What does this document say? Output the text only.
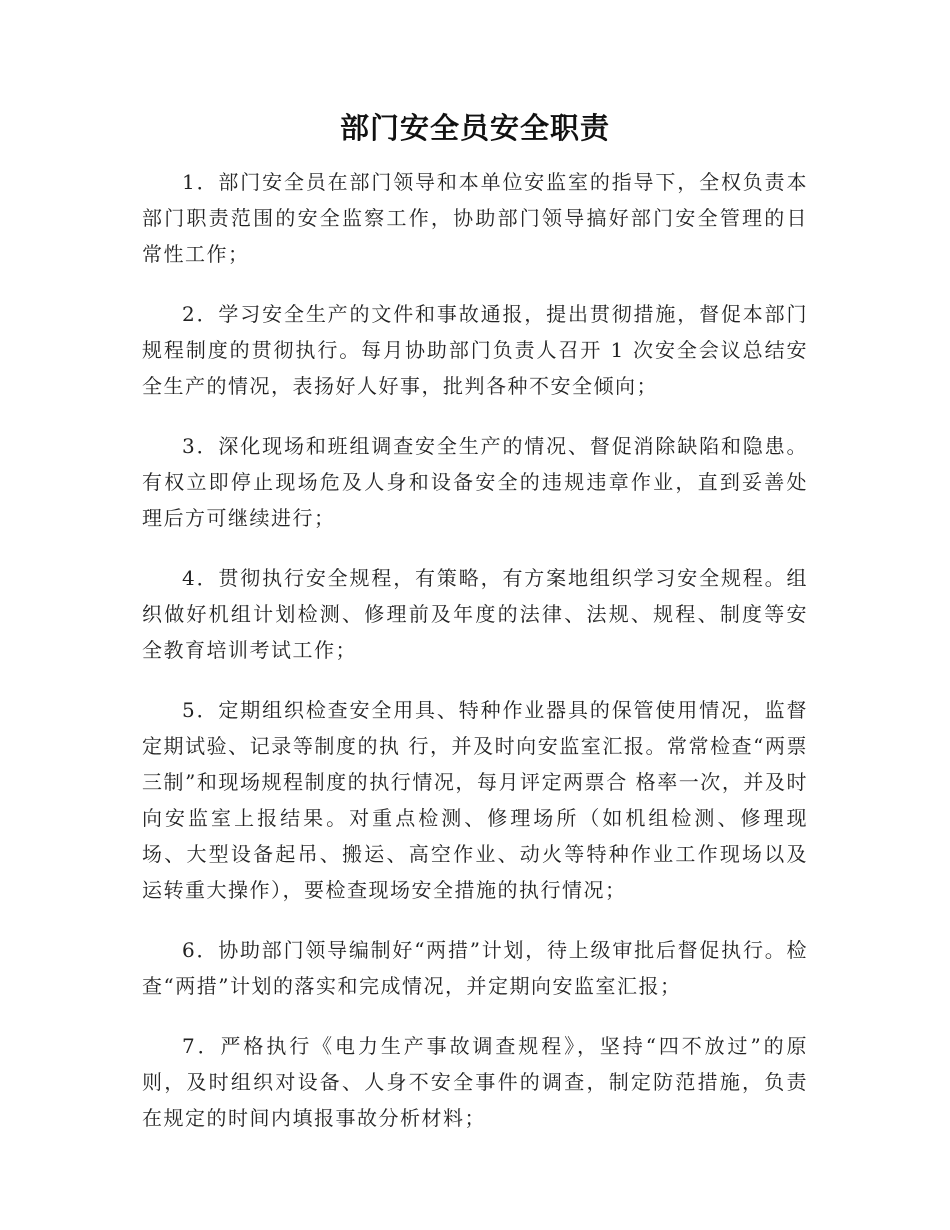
部门安全员安全职责

1．部门安全员在部门领导和本单位安监室的指导下，全权负责本部门职责范围的安全监察工作，协助部门领导搞好部门安全管理的日常性工作；

2．学习安全生产的文件和事故通报，提出贯彻措施，督促本部门规程制度的贯彻执行。每月协助部门负责人召开 1 次安全会议总结安全生产的情况，表扬好人好事，批判各种不安全倾向；

3．深化现场和班组调查安全生产的情况、督促消除缺陷和隐患。有权立即停止现场危及人身和设备安全的违规违章作业，直到妥善处理后方可继续进行；

4．贯彻执行安全规程，有策略，有方案地组织学习安全规程。组织做好机组计划检测、修理前及年度的法律、法规、规程、制度等安全教育培训考试工作；

5．定期组织检查安全用具、特种作业器具的保管使用情况，监督定期试验、记录等制度的执 行，并及时向安监室汇报。常常检查“两票三制”和现场规程制度的执行情况，每月评定两票合 格率一次，并及时向安监室上报结果。对重点检测、修理场所（如机组检测、修理现场、大型设备起吊、搬运、高空作业、动火等特种作业工作现场以及运转重大操作），要检查现场安全措施的执行情况；

6．协助部门领导编制好“两措”计划，待上级审批后督促执行。检查“两措”计划的落实和完成情况，并定期向安监室汇报；

7．严格执行《电力生产事故调查规程》，坚持“四不放过”的原则，及时组织对设备、人身不安全事件的调查，制定防范措施，负责在规定的时间内填报事故分析材料；
